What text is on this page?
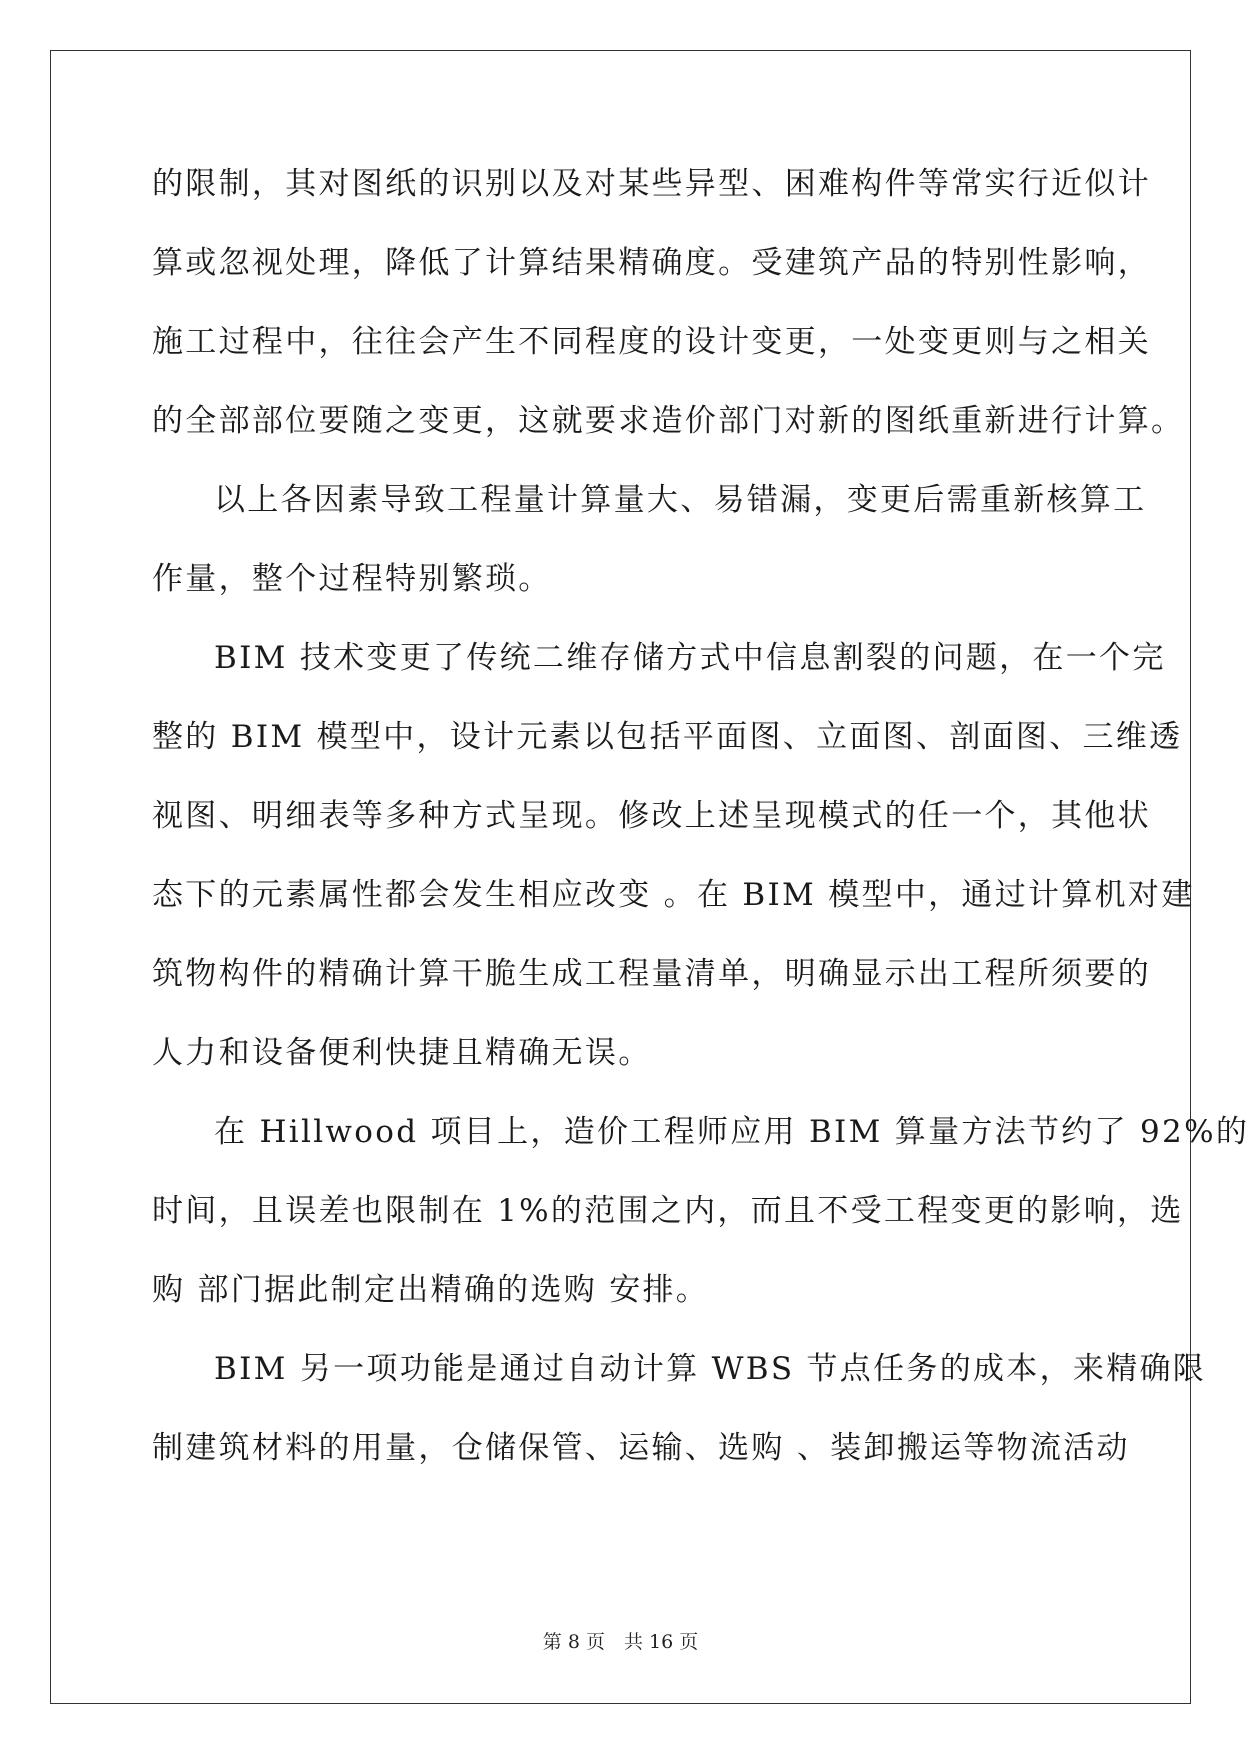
的限制，其对图纸的识别以及对某些异型、困难构件等常实行近似计
算或忽视处理，降低了计算结果精确度。受建筑产品的特别性影响，
施工过程中，往往会产生不同程度的设计变更，一处变更则与之相关
的全部部位要随之变更，这就要求造价部门对新的图纸重新进行计算。
以上各因素导致工程量计算量大、易错漏，变更后需重新核算工
作量，整个过程特别繁琐。
BIM 技术变更了传统二维存储方式中信息割裂的问题，在一个完
整的 BIM 模型中，设计元素以包括平面图、立面图、剖面图、三维透
视图、明细表等多种方式呈现。修改上述呈现模式的任一个，其他状
态下的元素属性都会发生相应改变 。在 BIM 模型中，通过计算机对建
筑物构件的精确计算干脆生成工程量清单，明确显示出工程所须要的
人力和设备便利快捷且精确无误。
在 Hillwood 项目上，造价工程师应用 BIM 算量方法节约了 92%的
时间，且误差也限制在 1%的范围之内，而且不受工程变更的影响，选
购 部门据此制定出精确的选购 安排。
BIM 另一项功能是通过自动计算 WBS 节点任务的成本，来精确限
制建筑材料的用量，仓储保管、运输、选购 、装卸搬运等物流活动
第 8 页　共 16 页
